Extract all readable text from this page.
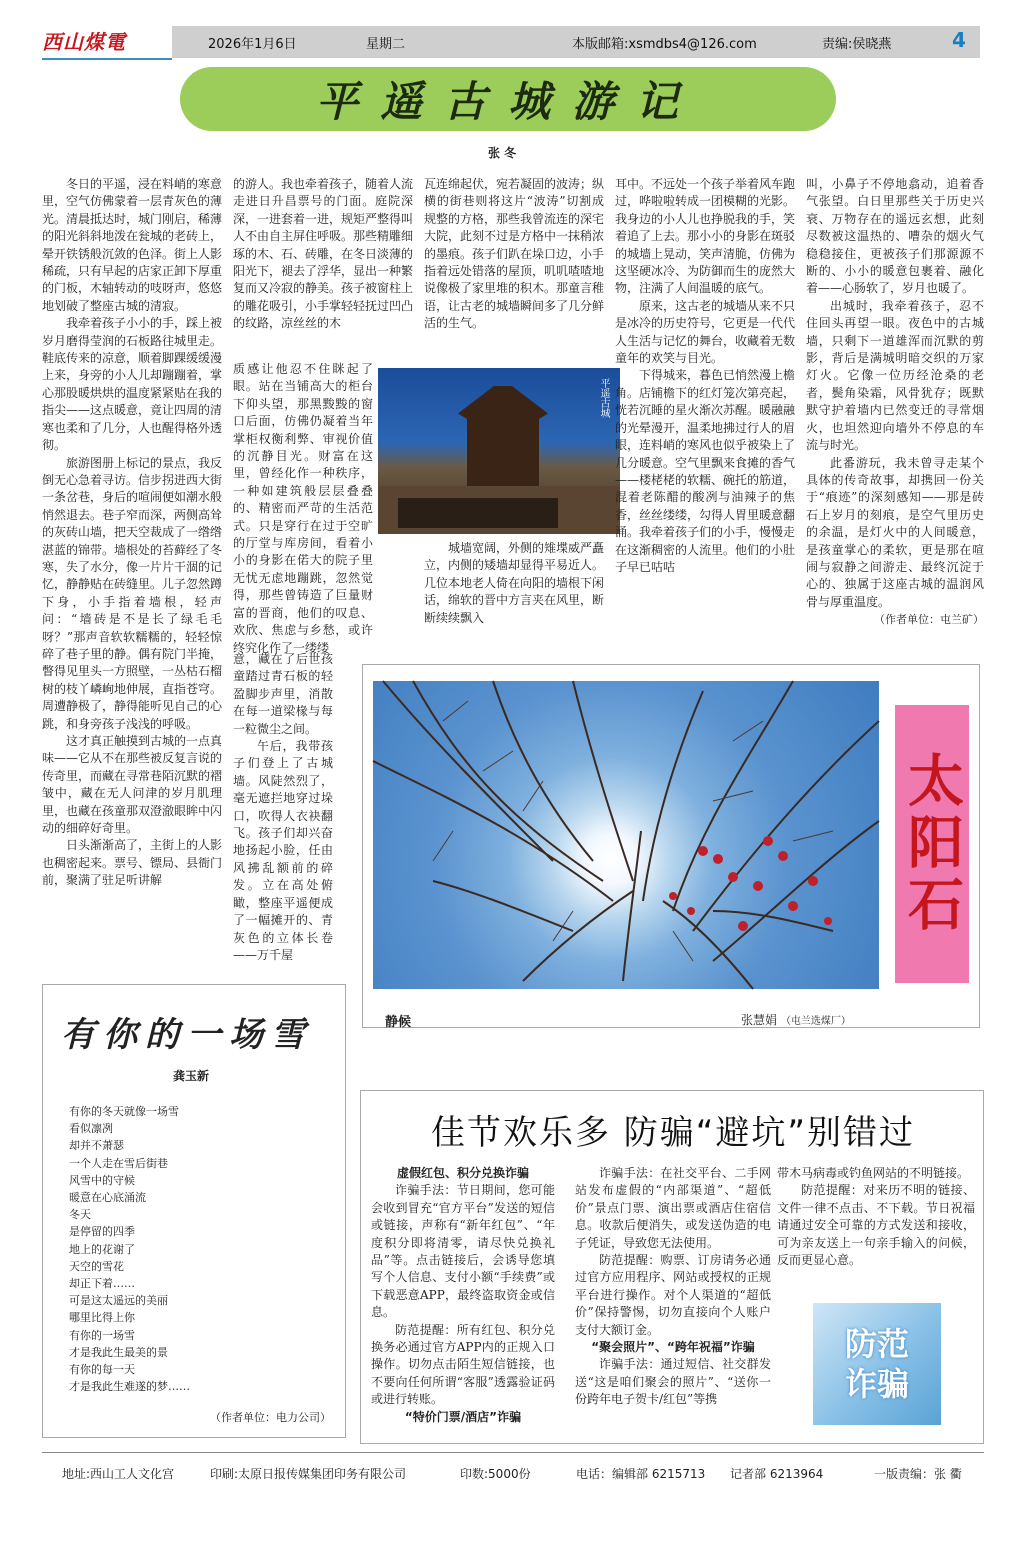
西山煤電	2026年1月6日	星期二	本版邮箱:xsmdbs4@126.com	责编:侯晓燕	4
平遥古城游记
张 冬

冬日的平遥，浸在料峭的寒意里，空气仿佛蒙着一层青灰色的薄光。清晨抵达时，城门刚启，稀薄的阳光斜斜地泼在瓮城的老砖上，晕开铁锈般沉敛的色泽。街上人影稀疏，只有早起的店家正卸下厚重的门板，木轴转动的吱呀声，悠悠地划破了整座古城的清寂。

我牵着孩子小小的手，踩上被岁月磨得莹润的石板路往城里走。鞋底传来的凉意，顺着脚踝缓缓漫上来，身旁的小人儿却蹦蹦着，掌心那股暖烘烘的温度紧紧贴在我的指尖——这点暖意，竟让四周的清寒也柔和了几分，人也醒得格外透彻。

旅游图册上标记的景点，我反倒无心急着寻访。信步拐进西大街一条岔巷，身后的喧闹便如潮水般悄然退去。巷子窄而深，两侧高耸的灰砖山墙，把天空裁成了一绺绺湛蓝的锦带。墙根处的苔藓经了冬寒，失了水分，像一片片干涸的记忆，静静贴在砖缝里。儿子忽然蹲下身，小手指着墙根，轻声问：“墙砖是不是长了绿毛毛呀？”那声音软软糯糯的，轻轻惊碎了巷子里的静。偶有院门半掩，瞥得见里头一方照壁，一丛枯石榴树的枝丫嶙峋地伸展，直指苍穹。周遭静极了，静得能听见自己的心跳，和身旁孩子浅浅的呼吸。

这才真正触摸到古城的一点真味——它从不在那些被反复言说的传奇里，而藏在寻常巷陌沉默的褶皱中，藏在无人问津的岁月肌理里，也藏在孩童那双澄澈眼眸中闪动的细碎好奇里。

日头渐渐高了，主街上的人影也稠密起来。票号、镖局、县衙门前，聚满了驻足听讲解

的游人。我也牵着孩子，随着人流走进日升昌票号的门面。庭院深深，一进套着一进，规矩严整得叫人不由自主屏住呼吸。那些精雕细琢的木、石、砖雕，在冬日淡薄的阳光下，褪去了浮华，显出一种繁复而又冷寂的静美。孩子被窗柱上的雕花吸引，小手掌轻轻抚过凹凸的纹路，凉丝丝的木

质感让他忍不住眯起了眼。站在当铺高大的柜台下仰头望，那黑黢黢的窗口后面，仿佛仍凝着当年掌柜权衡利弊、审视价值的沉静目光。财富在这里，曾经化作一种秩序，一种如建筑般层层叠叠的、精密而严苛的生活范式。只是穿行在过于空旷的厅堂与库房间，看着小小的身影在偌大的院子里无忧无虑地蹦跳，忽然觉得，那些曾铸造了巨量财富的晋商，他们的叹息、欢欣、焦虑与乡愁，或许终究化作了一缕缕

意，藏在了后世孩童踏过青石板的轻盈脚步声里，消散在每一道梁椽与每一粒微尘之间。

午后，我带孩子们登上了古城墙。风陡然烈了，毫无遮拦地穿过垛口，吹得人衣袂翻飞。孩子们却兴奋地扬起小脸，任由风拂乱额前的碎发。立在高处俯瞰，整座平遥便成了一幅摊开的、青灰色的立体长卷——万千屋

瓦连绵起伏，宛若凝固的波涛；纵横的街巷则将这片“波涛”切割成规整的方格，那些我曾流连的深宅大院，此刻不过是方格中一抹稍浓的墨痕。孩子们趴在垛口边，小手指着远处错落的屋顶，叽叽喳喳地说像极了家里堆的积木。那童言稚语，让古老的城墙瞬间多了几分鲜活的生气。

平遥古城

城墙宽阔，外侧的雉堞威严矗立，内侧的矮墙却显得平易近人。几位本地老人倚在向阳的墙根下闲话，绵软的晋中方言夹在风里，断断续续飘入

耳中。不远处一个孩子举着风车跑过，哗啦啦转成一团模糊的光影。我身边的小人儿也挣脱我的手，笑着追了上去。那小小的身影在斑驳的城墙上晃动，笑声清脆，仿佛为这坚硬冰冷、为防御而生的庞然大物，注满了人间温暖的底气。

原来，这古老的城墙从来不只是冰冷的历史符号，它更是一代代人生活与记忆的舞台，收藏着无数童年的欢笑与目光。

下得城来，暮色已悄然漫上檐角。店铺檐下的红灯笼次第亮起，恍若沉睡的星火渐次苏醒。暖融融的光晕漫开，温柔地拂过行人的眉眼，连料峭的寒风也似乎被染上了几分暖意。空气里飘来食摊的香气——楼栳栳的软糯、碗托的筋道，混着老陈醋的酸冽与油辣子的焦香，丝丝缕缕，勾得人胃里暖意翻涌。我牵着孩子们的小手，慢慢走在这渐稠密的人流里。他们的小肚子早已咕咕

叫，小鼻子不停地翕动，追着香气张望。白日里那些关于历史兴衰、万物存在的遥远玄想，此刻尽数被这温热的、嘈杂的烟火气稳稳接住，更被孩子们那源源不断的、小小的暖意包裹着、融化着——心肠软了，岁月也暖了。

出城时，我牵着孩子，忍不住回头再望一眼。夜色中的古城墙，只剩下一道雄浑而沉默的剪影，背后是满城明暗交织的万家灯火。它像一位历经沧桑的老者，鬓角染霜，风骨犹存；既默默守护着墙内已然变迁的寻常烟火，也坦然迎向墙外不停息的车流与时光。

此番游玩，我未曾寻走某个具体的传奇故事，却携回一份关于“痕迹”的深刻感知——那是砖石上岁月的刻痕，是空气里历史的余温，是灯火中的人间暖意，是孩童掌心的柔软，更是那在喧闹与寂静之间游走、最终沉淀于心的、独属于这座古城的温润风骨与厚重温度。

（作者单位：屯兰矿）

太阳石
静候	张慧娟 （屯兰选煤厂）
有你的一场雪
龚玉新
有你的冬天就像一场雪
看似凛冽
却并不萧瑟
一个人走在雪后街巷
风雪中的守候
暖意在心底涌流
冬天
是停留的四季
地上的花谢了
天空的雪花
却正下着……
可是这太遥远的美丽
哪里比得上你
有你的一场雪
才是我此生最美的景
有你的每一天
才是我此生难遂的梦……
（作者单位：电力公司）
佳节欢乐多 防骗“避坑”别错过

虚假红包、积分兑换诈骗

诈骗手法：节日期间，您可能会收到冒充“官方平台”发送的短信或链接，声称有“新年红包”、“年度积分即将清零，请尽快兑换礼品”等。点击链接后，会诱导您填写个人信息、支付小额“手续费”或下载恶意APP，最终盗取资金或信息。

防范提醒：所有红包、积分兑换务必通过官方APP内的正规入口操作。切勿点击陌生短信链接，也不要向任何所谓“客服”透露验证码或进行转账。

“特价门票/酒店”诈骗

诈骗手法：在社交平台、二手网站发布虚假的“内部渠道”、“超低价”景点门票、演出票或酒店住宿信息。收款后便消失，或发送伪造的电子凭证，导致您无法使用。

防范提醒：购票、订房请务必通过官方应用程序、网站或授权的正规平台进行操作。对个人渠道的“超低价”保持警惕，切勿直接向个人账户支付大额订金。

“聚会照片”、“跨年祝福”诈骗

诈骗手法：通过短信、社交群发送“这是咱们聚会的照片”、“送你一份跨年电子贺卡/红包”等携

带木马病毒或钓鱼网站的不明链接。

防范提醒：对来历不明的链接、文件一律不点击、不下载。节日祝福请通过安全可靠的方式发送和接收，可为亲友送上一句亲手输入的问候，反而更显心意。

防范
诈骗
地址:西山工人文化宫	印刷:太原日报传媒集团印务有限公司	印数:5000份	电话：编辑部 6215713 记者部 6213964	一版责编：张 衢
